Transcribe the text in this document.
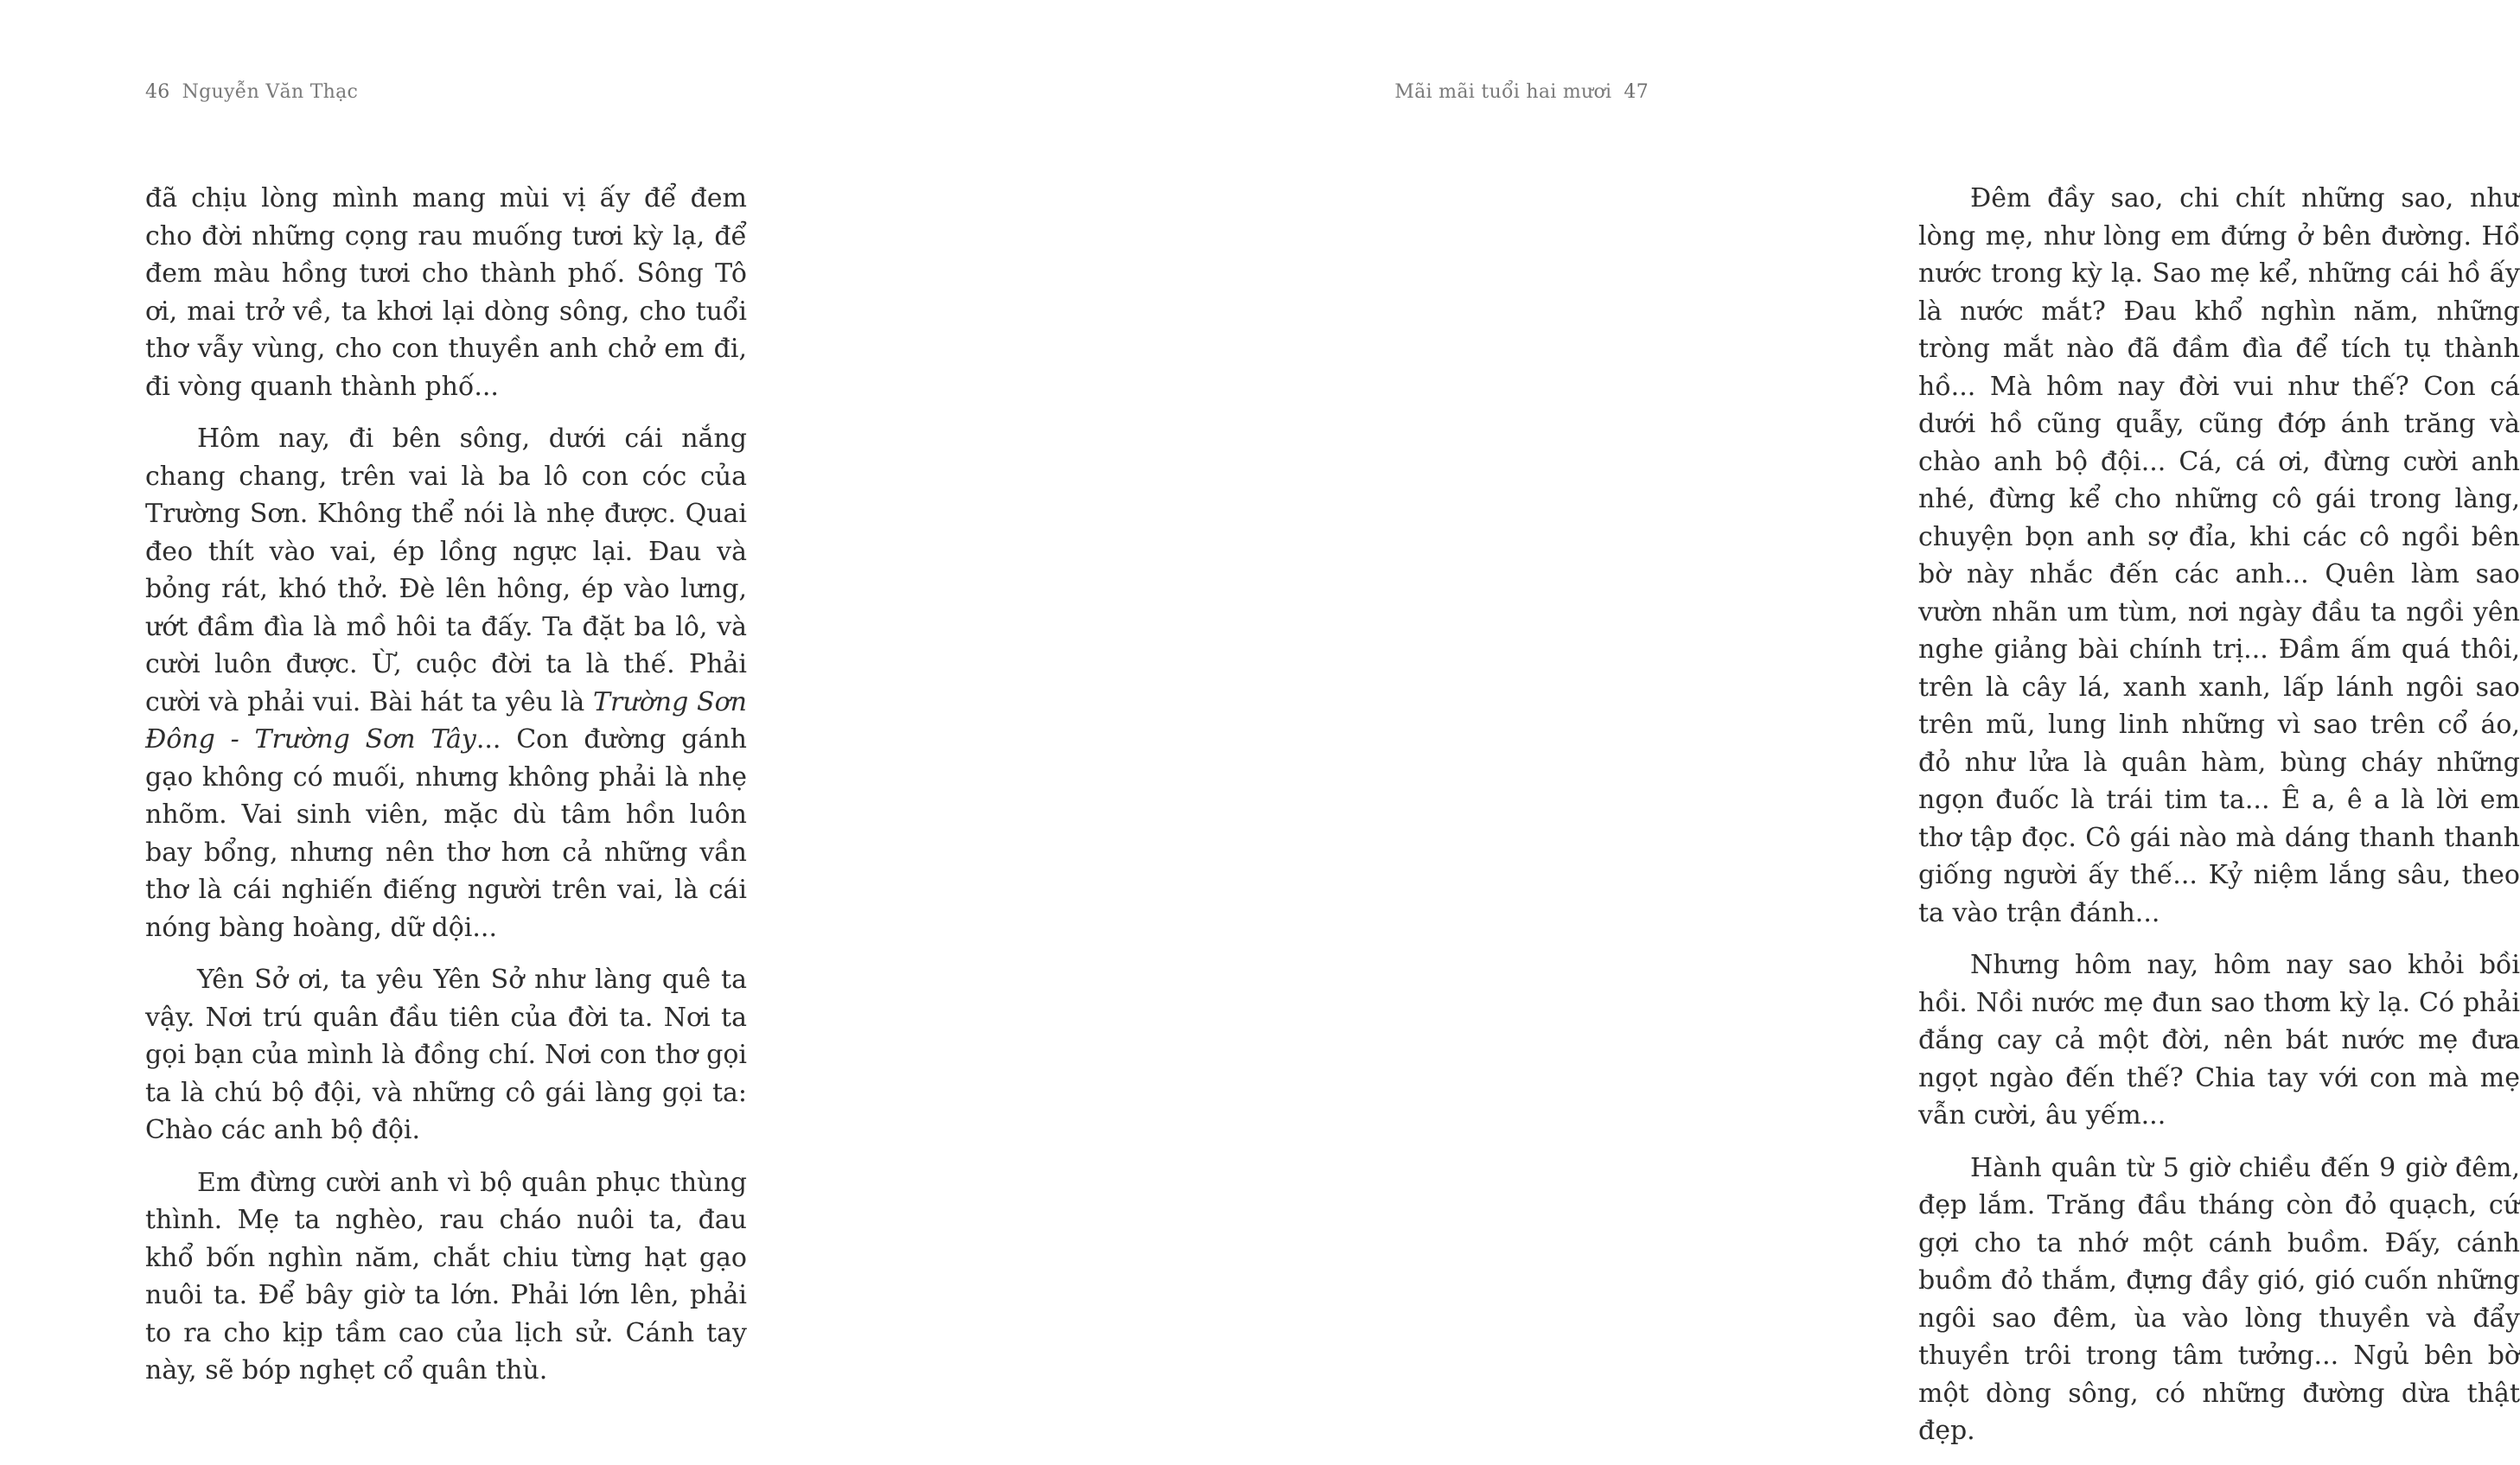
46 Nguyễn Văn Thạc

đã chịu lòng mình mang mùi vị ấy để đem cho đời những cọng rau muống tươi kỳ lạ, để đem màu hồng tươi cho thành phố. Sông Tô ơi, mai trở về, ta khơi lại dòng sông, cho tuổi thơ vẫy vùng, cho con thuyền anh chở em đi, đi vòng quanh thành phố...

Hôm nay, đi bên sông, dưới cái nắng chang chang, trên vai là ba lô con cóc của Trường Sơn. Không thể nói là nhẹ được. Quai đeo thít vào vai, ép lồng ngực lại. Đau và bỏng rát, khó thở. Đè lên hông, ép vào lưng, ướt đầm đìa là mồ hôi ta đấy. Ta đặt ba lô, và cười luôn được. Ừ, cuộc đời ta là thế. Phải cười và phải vui. Bài hát ta yêu là Trường Sơn Đông - Trường Sơn Tây... Con đường gánh gạo không có muối, nhưng không phải là nhẹ nhõm. Vai sinh viên, mặc dù tâm hồn luôn bay bổng, nhưng nên thơ hơn cả những vần thơ là cái nghiến điếng người trên vai, là cái nóng bàng hoàng, dữ dội...

Yên Sở ơi, ta yêu Yên Sở như làng quê ta vậy. Nơi trú quân đầu tiên của đời ta. Nơi ta gọi bạn của mình là đồng chí. Nơi con thơ gọi ta là chú bộ đội, và những cô gái làng gọi ta: Chào các anh bộ đội.

Em đừng cười anh vì bộ quân phục thùng thình. Mẹ ta nghèo, rau cháo nuôi ta, đau khổ bốn nghìn năm, chắt chiu từng hạt gạo nuôi ta. Để bây giờ ta lớn. Phải lớn lên, phải to ra cho kịp tầm cao của lịch sử. Cánh tay này, sẽ bóp nghẹt cổ quân thù.

Mãi mãi tuổi hai mươi 47

Đêm đầy sao, chi chít những sao, như lòng mẹ, như lòng em đứng ở bên đường. Hồ nước trong kỳ lạ. Sao mẹ kể, những cái hồ ấy là nước mắt? Đau khổ nghìn năm, những tròng mắt nào đã đầm đìa để tích tụ thành hồ... Mà hôm nay đời vui như thế? Con cá dưới hồ cũng quẫy, cũng đớp ánh trăng và chào anh bộ đội... Cá, cá ơi, đừng cười anh nhé, đừng kể cho những cô gái trong làng, chuyện bọn anh sợ đỉa, khi các cô ngồi bên bờ này nhắc đến các anh... Quên làm sao vườn nhãn um tùm, nơi ngày đầu ta ngồi yên nghe giảng bài chính trị... Đầm ấm quá thôi, trên là cây lá, xanh xanh, lấp lánh ngôi sao trên mũ, lung linh những vì sao trên cổ áo, đỏ như lửa là quân hàm, bùng cháy những ngọn đuốc là trái tim ta... Ê a, ê a là lời em thơ tập đọc. Cô gái nào mà dáng thanh thanh giống người ấy thế... Kỷ niệm lắng sâu, theo ta vào trận đánh...

Nhưng hôm nay, hôm nay sao khỏi bồi hồi. Nồi nước mẹ đun sao thơm kỳ lạ. Có phải đắng cay cả một đời, nên bát nước mẹ đưa ngọt ngào đến thế? Chia tay với con mà mẹ vẫn cười, âu yếm...

Hành quân từ 5 giờ chiều đến 9 giờ đêm, đẹp lắm. Trăng đầu tháng còn đỏ quạch, cứ gợi cho ta nhớ một cánh buồm. Đấy, cánh buồm đỏ thắm, đựng đầy gió, gió cuốn những ngôi sao đêm, ùa vào lòng thuyền và đẩy thuyền trôi trong tâm tưởng... Ngủ bên bờ một dòng sông, có những đường dừa thật đẹp.
